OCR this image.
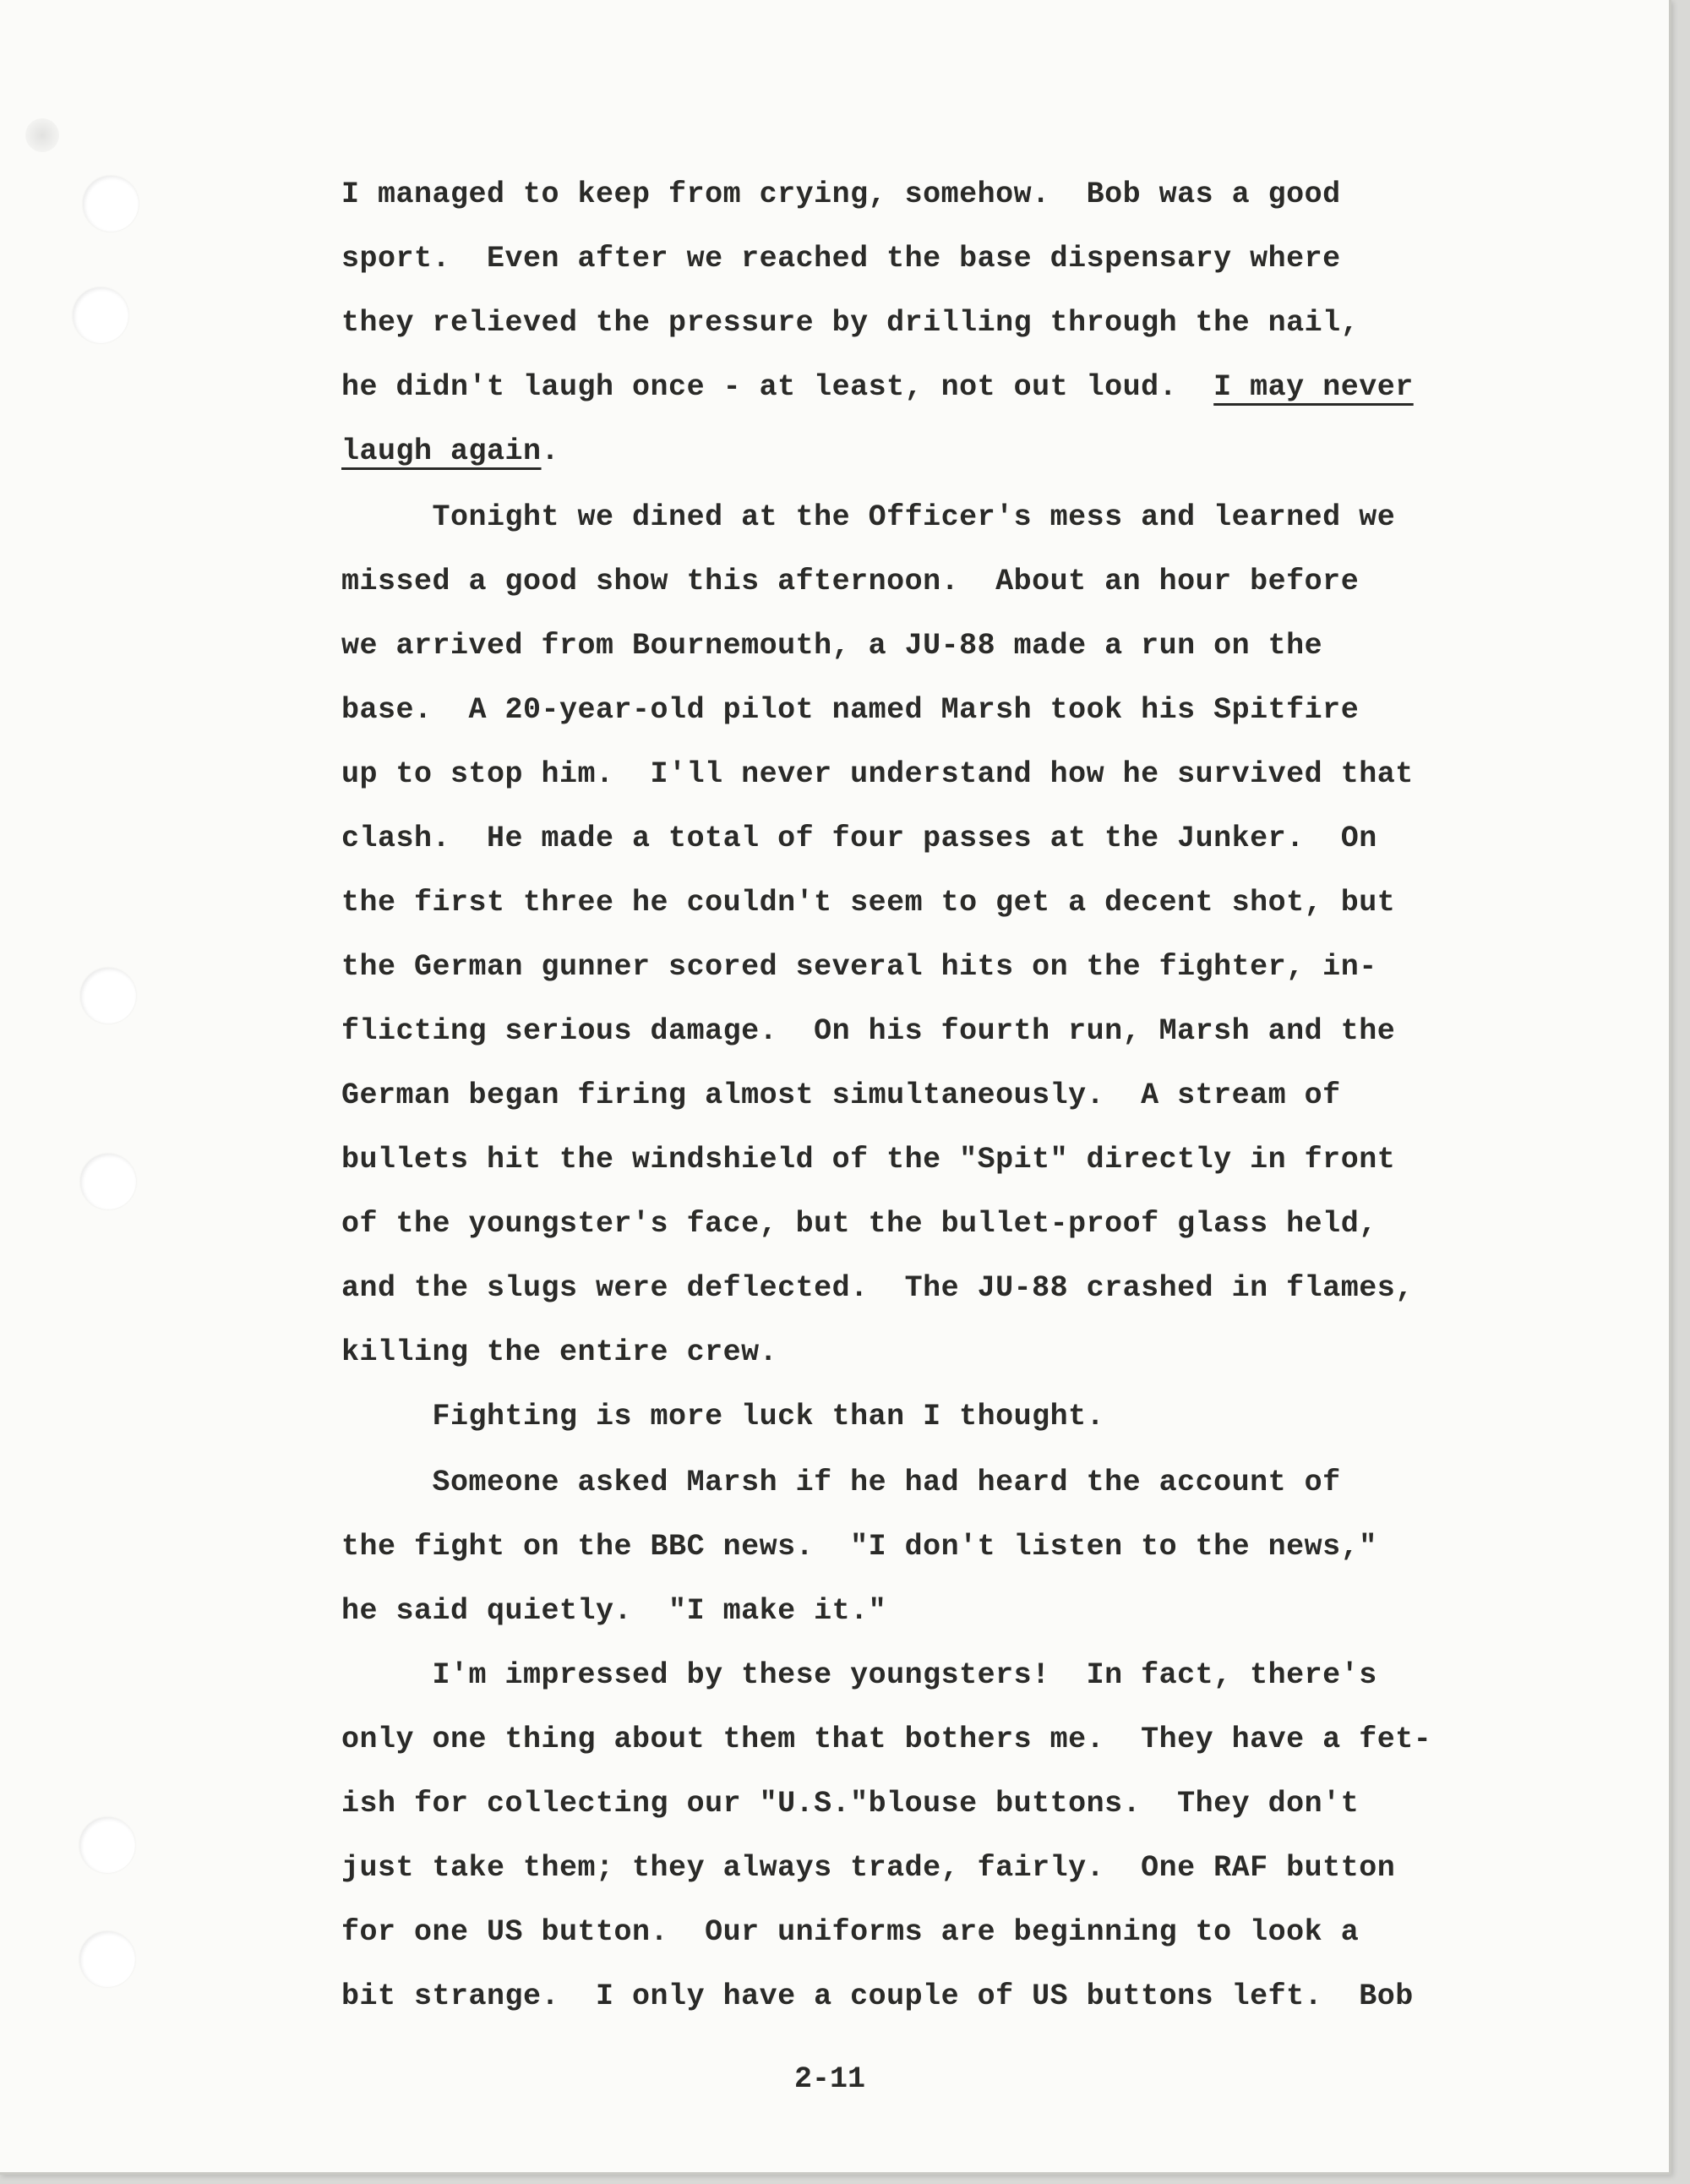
I managed to keep from crying, somehow.  Bob was a good
sport.  Even after we reached the base dispensary where
they relieved the pressure by drilling through the nail,
he didn't laugh once - at least, not out loud.  I may never
laugh again.
Tonight we dined at the Officer's mess and learned we
missed a good show this afternoon.  About an hour before
we arrived from Bournemouth, a JU-88 made a run on the
base.  A 20-year-old pilot named Marsh took his Spitfire
up to stop him.  I'll never understand how he survived that
clash.  He made a total of four passes at the Junker.  On
the first three he couldn't seem to get a decent shot, but
the German gunner scored several hits on the fighter, in-
flicting serious damage.  On his fourth run, Marsh and the
German began firing almost simultaneously.  A stream of
bullets hit the windshield of the "Spit" directly in front
of the youngster's face, but the bullet-proof glass held,
and the slugs were deflected.  The JU-88 crashed in flames,
killing the entire crew.
Fighting is more luck than I thought.
Someone asked Marsh if he had heard the account of
the fight on the BBC news.  "I don't listen to the news,"
he said quietly.  "I make it."
I'm impressed by these youngsters!  In fact, there's
only one thing about them that bothers me.  They have a fet-
ish for collecting our "U.S."blouse buttons.  They don't
just take them; they always trade, fairly.  One RAF button
for one US button.  Our uniforms are beginning to look a
bit strange.  I only have a couple of US buttons left.  Bob
2-11
